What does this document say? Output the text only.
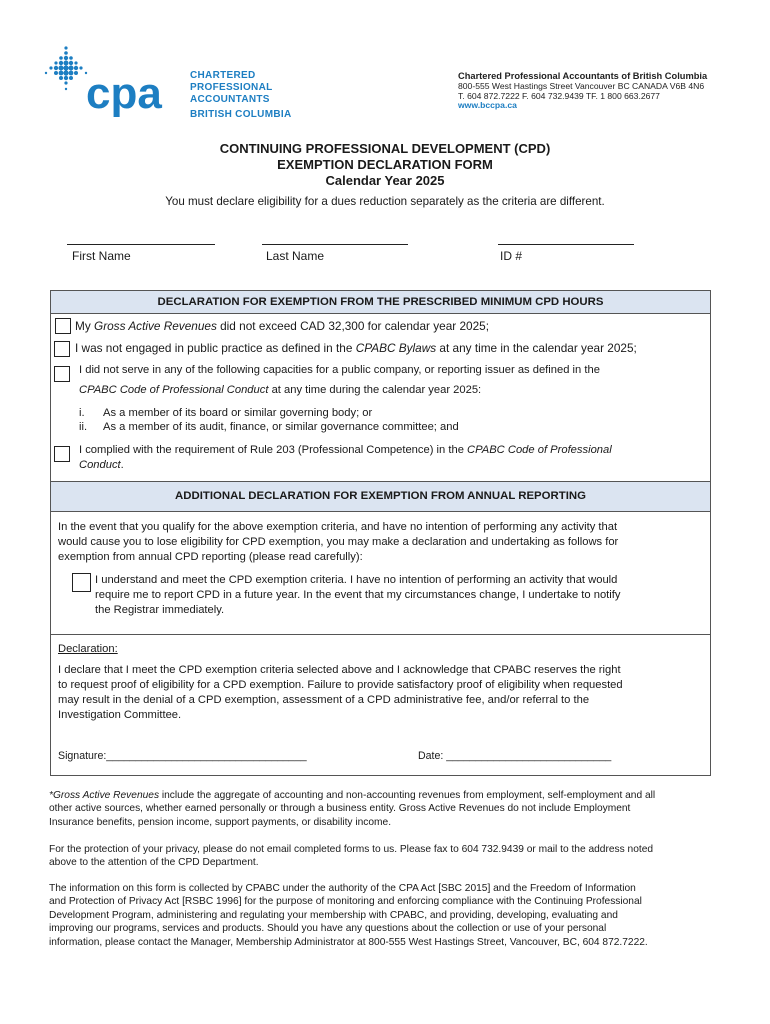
cpa	CHARTERED
PROFESSIONAL
ACCOUNTANTS
BRITISH COLUMBIA
Chartered Professional Accountants of British Columbia
800-555 West Hastings Street Vancouver BC CANADA V6B 4N6
T. 604 872.7222 F. 604 732.9439 TF. 1 800 663.2677
www.bccpa.ca
CONTINUING PROFESSIONAL DEVELOPMENT (CPD)
EXEMPTION DECLARATION FORM
Calendar Year 2025
You must declare eligibility for a dues reduction separately as the criteria are different.
First Name	Last Name	ID #
DECLARATION FOR EXEMPTION FROM THE PRESCRIBED MINIMUM CPD HOURS
My Gross Active Revenues did not exceed CAD 32,300 for calendar year 2025;
I was not engaged in public practice as defined in the CPABC Bylaws at any time in the calendar year 2025;
I did not serve in any of the following capacities for a public company, or reporting issuer as defined in the
CPABC Code of Professional Conduct at any time during the calendar year 2025:
i. As a member of its board or similar governing body; or
ii. As a member of its audit, finance, or similar governance committee; and
I complied with the requirement of Rule 203 (Professional Competence) in the CPABC Code of Professional
Conduct.
ADDITIONAL DECLARATION FOR EXEMPTION FROM ANNUAL REPORTING
In the event that you qualify for the above exemption criteria, and have no intention of performing any activity that
would cause you to lose eligibility for CPD exemption, you may make a declaration and undertaking as follows for
exemption from annual CPD reporting (please read carefully):
I understand and meet the CPD exemption criteria. I have no intention of performing an activity that would
require me to report CPD in a future year. In the event that my circumstances change, I undertake to notify
the Registrar immediately.
Declaration:
I declare that I meet the CPD exemption criteria selected above and I acknowledge that CPABC reserves the right
to request proof of eligibility for a CPD exemption. Failure to provide satisfactory proof of eligibility when requested
may result in the denial of a CPD exemption, assessment of a CPD administrative fee, and/or referral to the
Investigation Committee.
Signature:__________________________________	Date: ____________________________
*Gross Active Revenues include the aggregate of accounting and non-accounting revenues from employment, self-employment and all
other active sources, whether earned personally or through a business entity. Gross Active Revenues do not include Employment
Insurance benefits, pension income, support payments, or disability income.
For the protection of your privacy, please do not email completed forms to us. Please fax to 604 732.9439 or mail to the address noted
above to the attention of the CPD Department.
The information on this form is collected by CPABC under the authority of the CPA Act [SBC 2015] and the Freedom of Information
and Protection of Privacy Act [RSBC 1996] for the purpose of monitoring and enforcing compliance with the Continuing Professional
Development Program, administering and regulating your membership with CPABC, and providing, developing, evaluating and
improving our programs, services and products. Should you have any questions about the collection or use of your personal
information, please contact the Manager, Membership Administrator at 800-555 West Hastings Street, Vancouver, BC, 604 872.7222.
